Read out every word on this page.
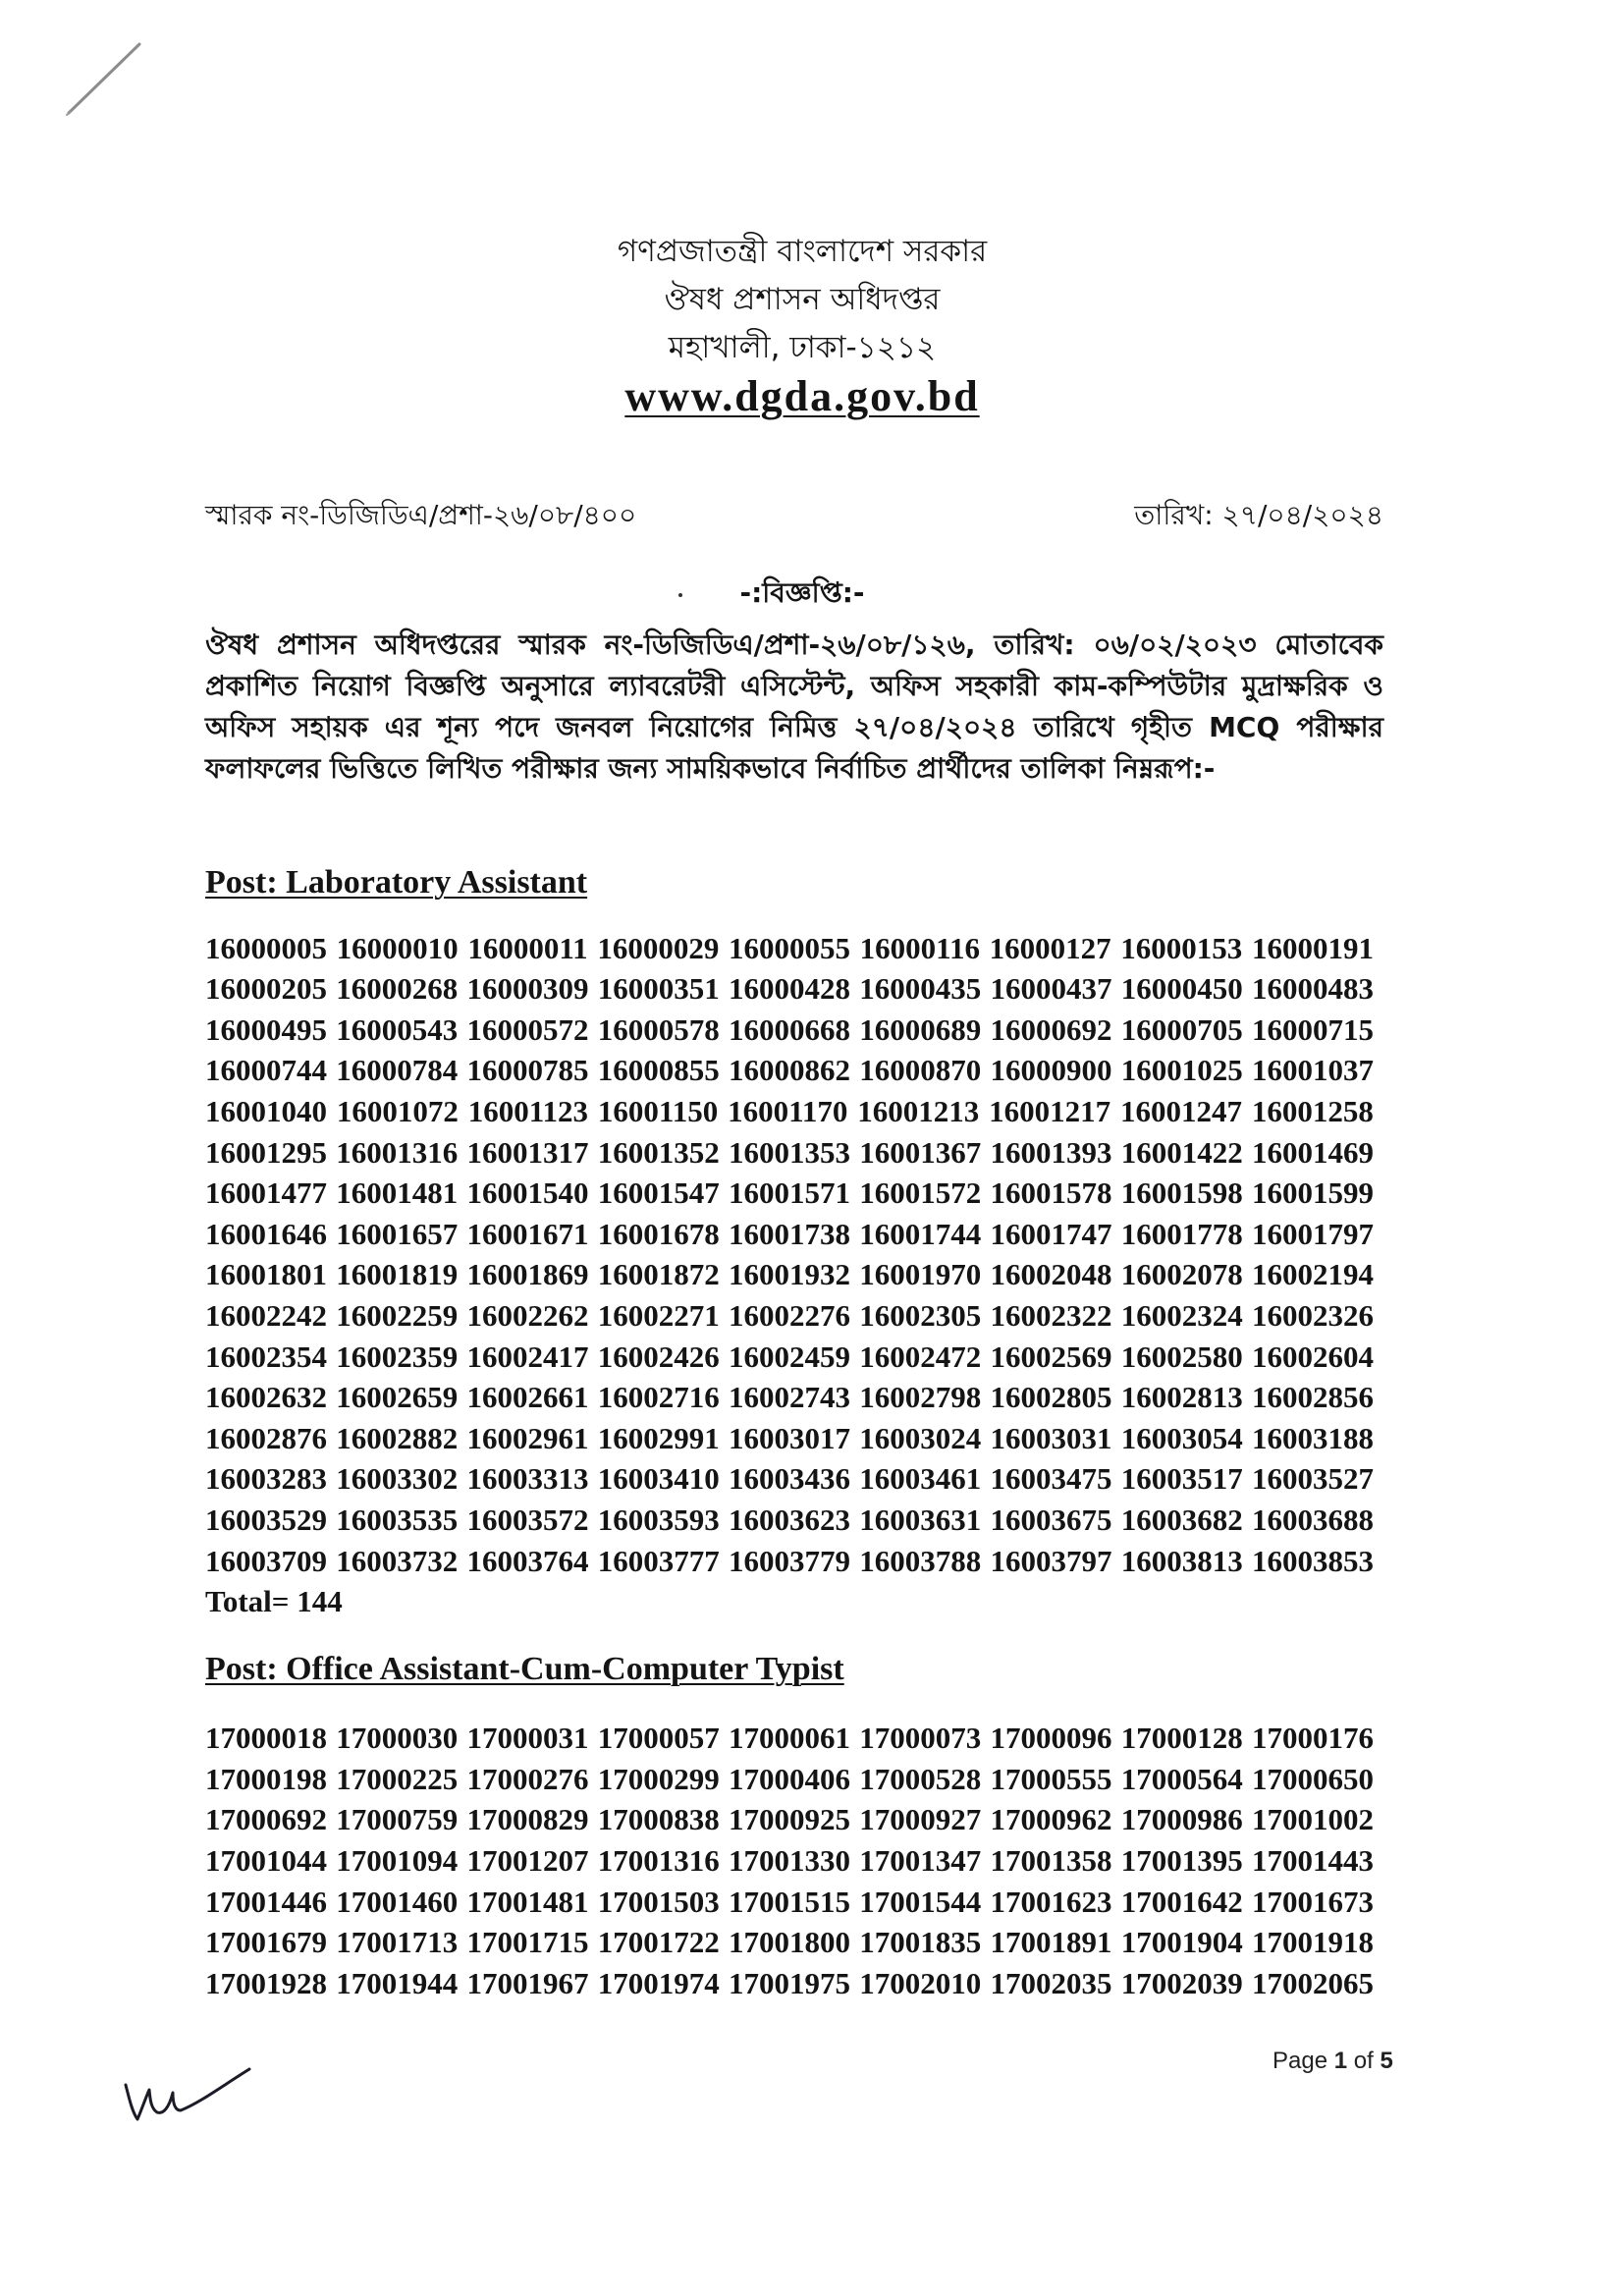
গণপ্রজাতন্ত্রী বাংলাদেশ সরকার
ঔষধ প্রশাসন অধিদপ্তর
মহাখালী, ঢাকা-১২১২
www.dgda.gov.bd
স্মারক নং-ডিজিডিএ/প্রশা-২৬/০৮/৪০০	তারিখ: ২৭/০৪/২০২৪
-:বিজ্ঞপ্তি:-

ঔষধ প্রশাসন অধিদপ্তরের স্মারক নং-ডিজিডিএ/প্রশা-২৬/০৮/১২৬, তারিখ: ০৬/০২/২০২৩ মোতাবেক প্রকাশিত নিয়োগ বিজ্ঞপ্তি অনুসারে ল্যাবরেটরী এসিস্টেন্ট, অফিস সহকারী কাম-কম্পিউটার মুদ্রাক্ষরিক ও অফিস সহায়ক এর শূন্য পদে জনবল নিয়োগের নিমিত্ত ২৭/০৪/২০২৪ তারিখে গৃহীত MCQ পরীক্ষার ফলাফলের ভিত্তিতে লিখিত পরীক্ষার জন্য সাময়িকভাবে নির্বাচিত প্রার্থীদের তালিকা নিম্নরূপ:-

Post: Laboratory Assistant
16000005 16000010 16000011 16000029 16000055 16000116 16000127 16000153 16000191
16000205 16000268 16000309 16000351 16000428 16000435 16000437 16000450 16000483
16000495 16000543 16000572 16000578 16000668 16000689 16000692 16000705 16000715
16000744 16000784 16000785 16000855 16000862 16000870 16000900 16001025 16001037
16001040 16001072 16001123 16001150 16001170 16001213 16001217 16001247 16001258
16001295 16001316 16001317 16001352 16001353 16001367 16001393 16001422 16001469
16001477 16001481 16001540 16001547 16001571 16001572 16001578 16001598 16001599
16001646 16001657 16001671 16001678 16001738 16001744 16001747 16001778 16001797
16001801 16001819 16001869 16001872 16001932 16001970 16002048 16002078 16002194
16002242 16002259 16002262 16002271 16002276 16002305 16002322 16002324 16002326
16002354 16002359 16002417 16002426 16002459 16002472 16002569 16002580 16002604
16002632 16002659 16002661 16002716 16002743 16002798 16002805 16002813 16002856
16002876 16002882 16002961 16002991 16003017 16003024 16003031 16003054 16003188
16003283 16003302 16003313 16003410 16003436 16003461 16003475 16003517 16003527
16003529 16003535 16003572 16003593 16003623 16003631 16003675 16003682 16003688
16003709 16003732 16003764 16003777 16003779 16003788 16003797 16003813 16003853
Total= 144
Post: Office Assistant-Cum-Computer Typist
17000018 17000030 17000031 17000057 17000061 17000073 17000096 17000128 17000176
17000198 17000225 17000276 17000299 17000406 17000528 17000555 17000564 17000650
17000692 17000759 17000829 17000838 17000925 17000927 17000962 17000986 17001002
17001044 17001094 17001207 17001316 17001330 17001347 17001358 17001395 17001443
17001446 17001460 17001481 17001503 17001515 17001544 17001623 17001642 17001673
17001679 17001713 17001715 17001722 17001800 17001835 17001891 17001904 17001918
17001928 17001944 17001967 17001974 17001975 17002010 17002035 17002039 17002065
Page 1 of 5
